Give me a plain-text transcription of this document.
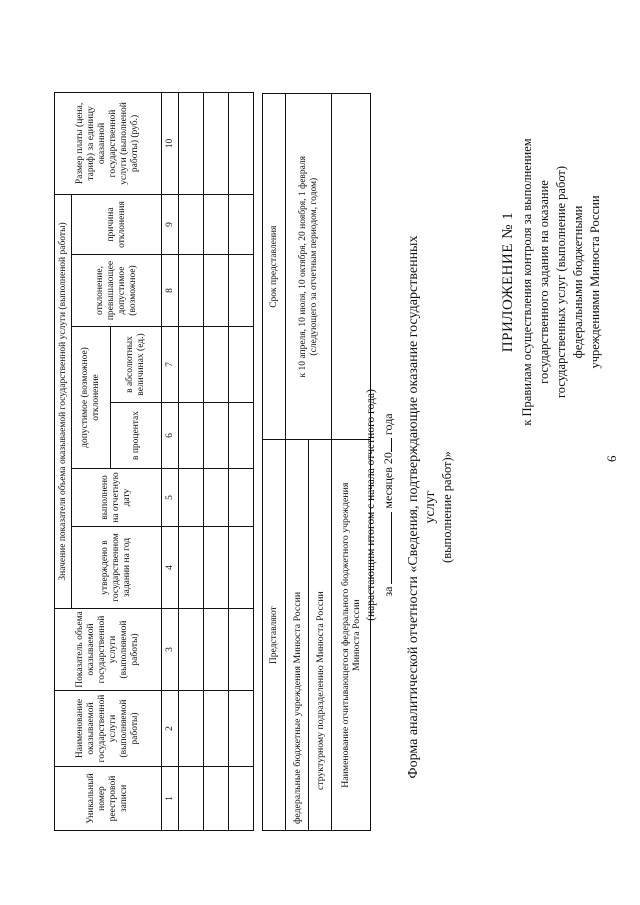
6
ПРИЛОЖЕНИЕ № 1 к Правилам осуществления контроля за выполнением государственного задания на оказание государственных услуг (выполнение работ) федеральными бюджетными учреждениями Минюста России
Форма аналитической отчетности «Сведения, подтверждающие оказание государственных услуг (выполнение работ)»
за  месяцев 20 года
(нарастающим итогом с начала отчетного года)
Представляют	Срок представления
федеральные бюджетные учреждения Минюста России	к 10 апреля, 10 июля, 10 октября, 20 ноября, 1 февраля (следующего за отчетным периодом, годом)

структурному подразделению Минюста России	
Наименование отчитывающегося федерального бюджетного учреждения Минюста России	
Уникальный номер реестровой записи	Наименование оказываемой государственной услуги (выполняемой работы)	Показатель объема оказываемой государственной услуги (выполняемой работы)	Значение показателя объема оказываемой государственной услуги (выполненой работы)						Размер платы (цена, тариф) за единицу оказанной государственной услуги (выполненой работы) (руб.)
			утверждено в государственном задании на год	выполнено на отчетную дату	допустимое (возможное) отклонение		отклонение, превышающее допустимое (возможное)	причина отклонения	
					в процентах	в абсолютных величинах (ед.)			
1	2	3	4	5	6	7	8	9	10
